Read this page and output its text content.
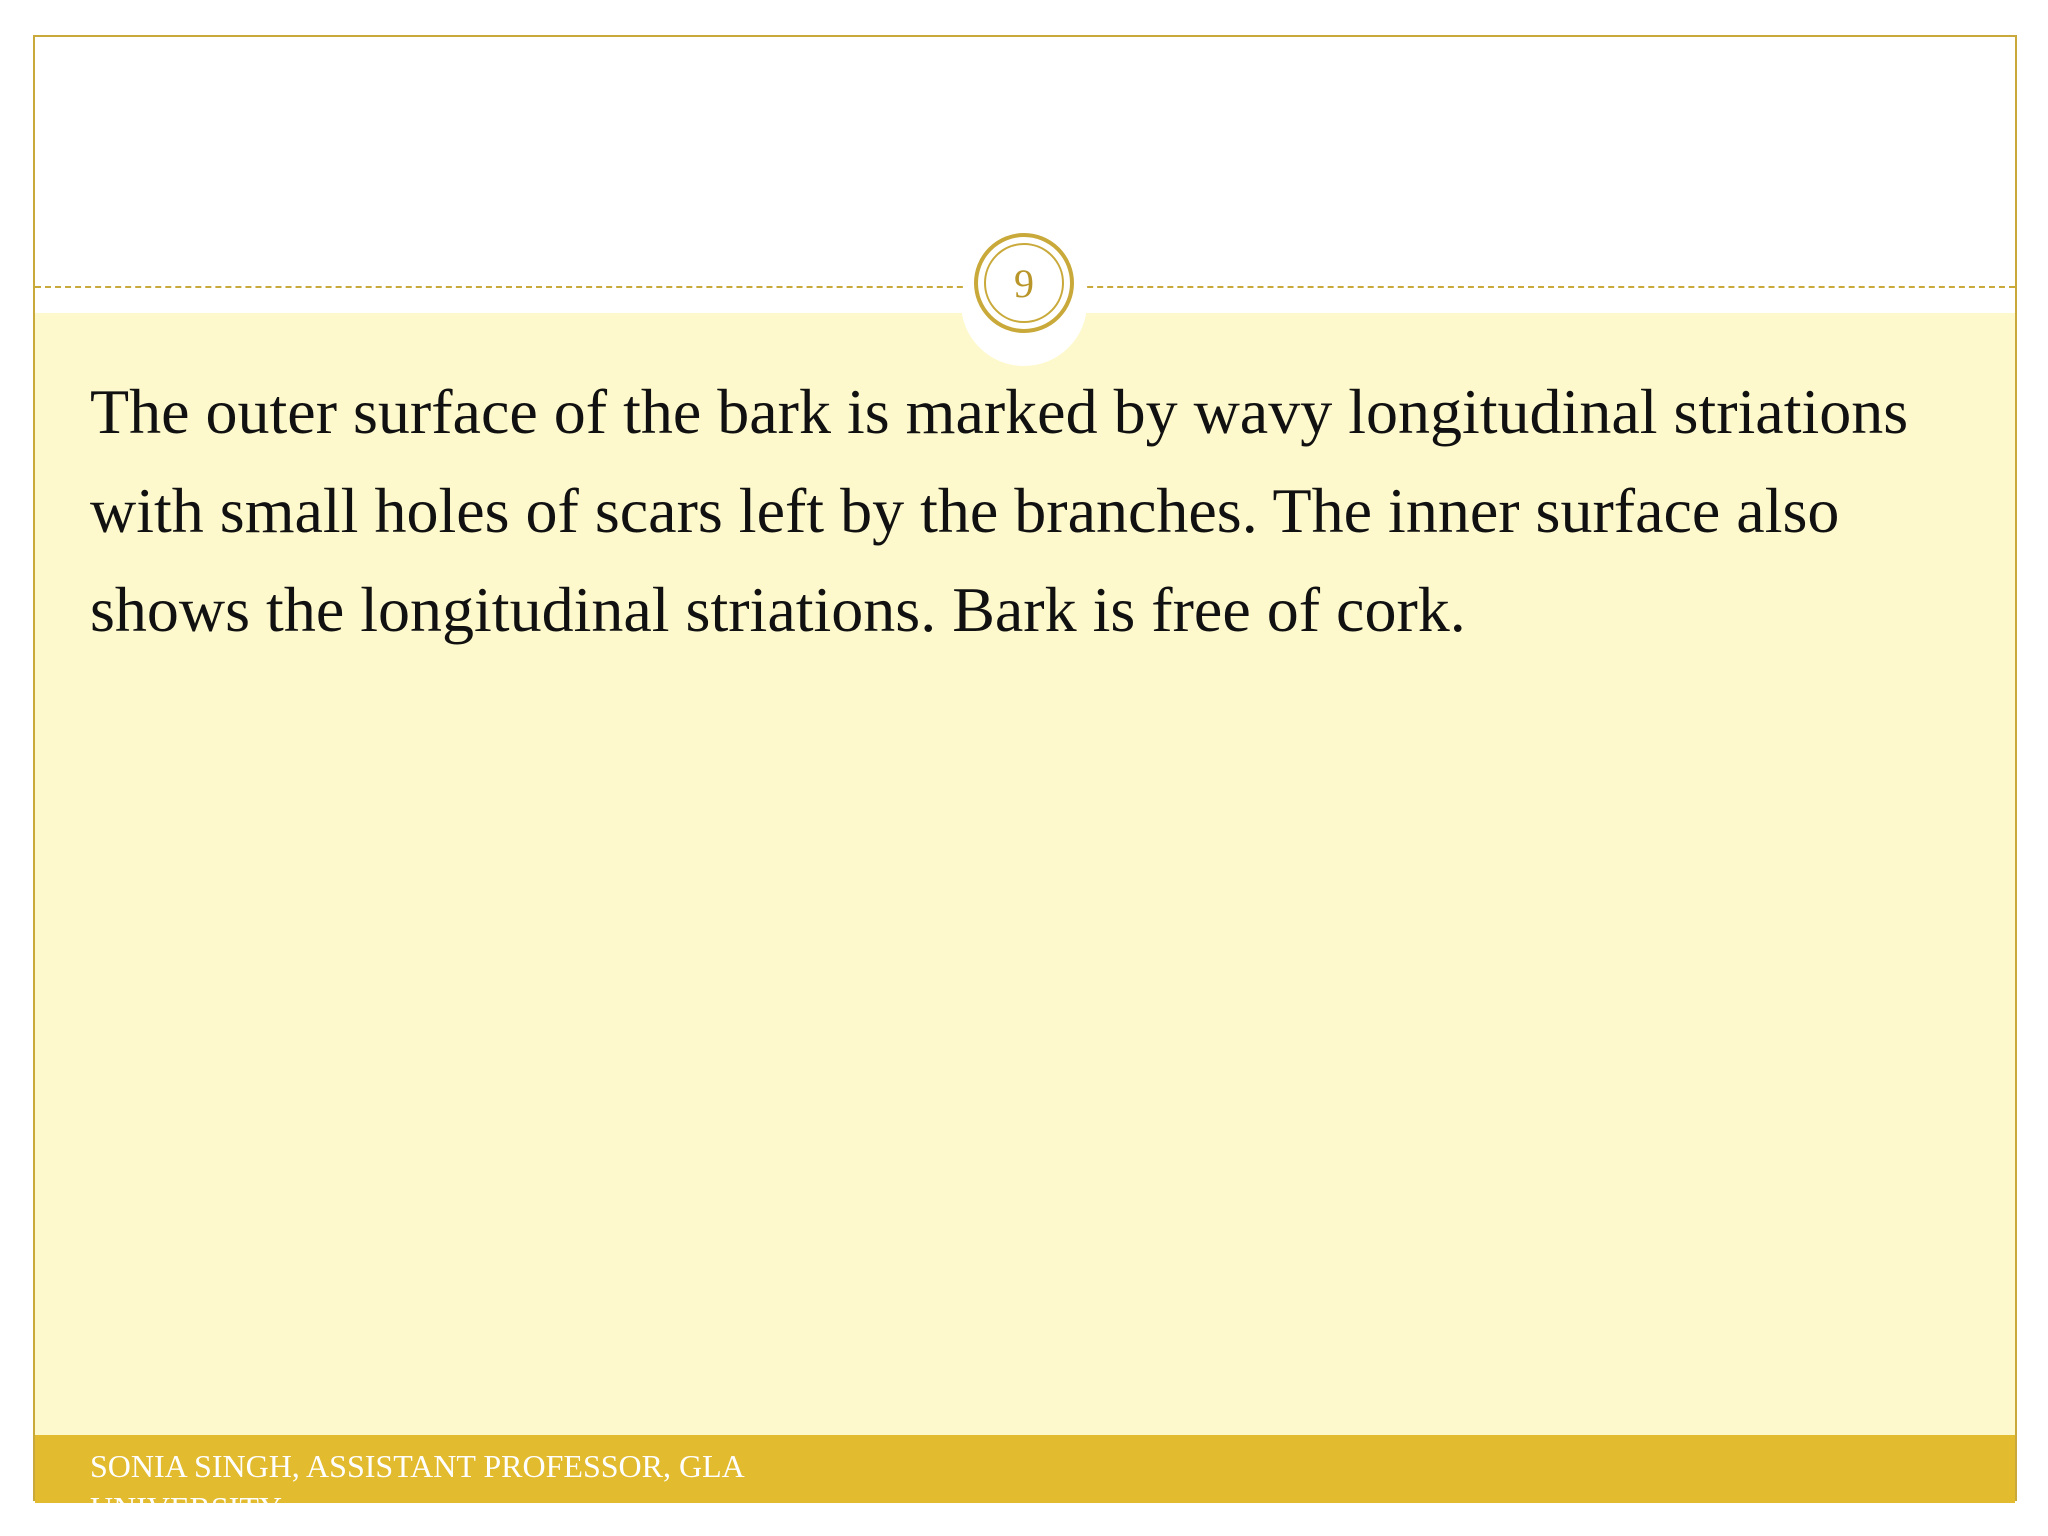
9

The outer surface of the bark is marked by wavy longitudinal striations with small holes of scars left by the branches. The inner surface also shows the longitudinal striations. Bark is free of cork.

SONIA SINGH, ASSISTANT PROFESSOR, GLA UNIVERSITY
